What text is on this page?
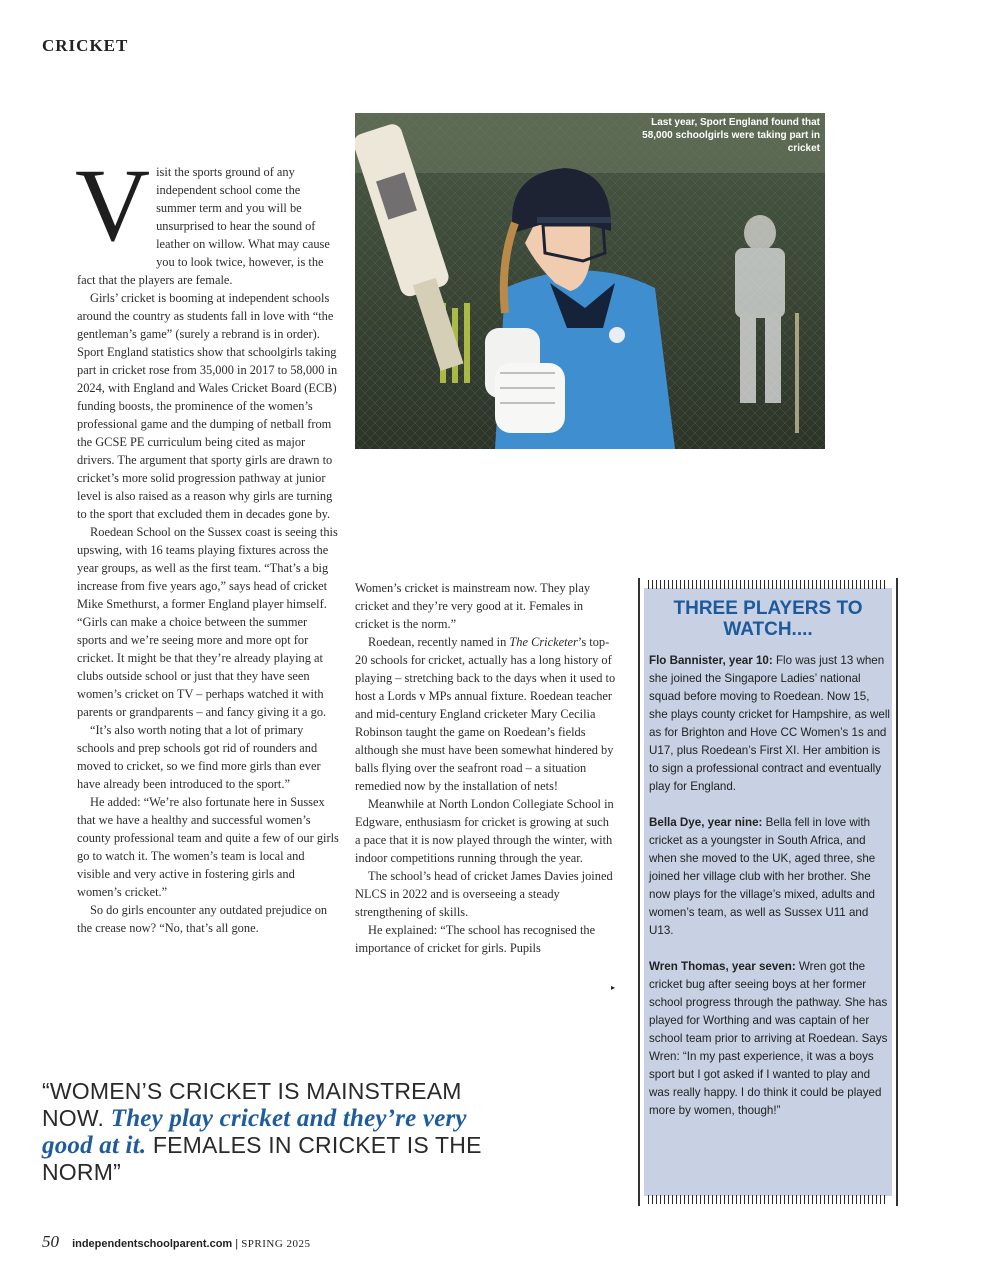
CRICKET
Last year, Sport England found that 58,000 schoolgirls were taking part in cricket

Visit the sports ground of any independent school come the summer term and you will be unsurprised to hear the sound of leather on willow. What may cause you to look twice, however, is the fact that the players are female.

Girls’ cricket is booming at independent schools around the country as students fall in love with “the gentleman’s game” (surely a rebrand is in order). Sport England statistics show that schoolgirls taking part in cricket rose from 35,000 in 2017 to 58,000 in 2024, with England and Wales Cricket Board (ECB) funding boosts, the prominence of the women’s professional game and the dumping of netball from the GCSE PE curriculum being cited as major drivers. The argument that sporty girls are drawn to cricket’s more solid progression pathway at junior level is also raised as a reason why girls are turning to the sport that excluded them in decades gone by.

Roedean School on the Sussex coast is seeing this upswing, with 16 teams playing fixtures across the year groups, as well as the first team. “That’s a big increase from five years ago,” says head of cricket Mike Smethurst, a former England player himself. “Girls can make a choice between the summer sports and we’re seeing more and more opt for cricket. It might be that they’re already playing at clubs outside school or just that they have seen women’s cricket on TV – perhaps watched it with parents or grandparents – and fancy giving it a go.

“It’s also worth noting that a lot of primary schools and prep schools got rid of rounders and moved to cricket, so we find more girls than ever have already been introduced to the sport.”

He added: “We’re also fortunate here in Sussex that we have a healthy and successful women’s county professional team and quite a few of our girls go to watch it. The women’s team is local and visible and very active in fostering girls and women’s cricket.”

So do girls encounter any outdated prejudice on the crease now? “No, that’s all gone.

Women’s cricket is mainstream now. They play cricket and they’re very good at it. Females in cricket is the norm.”

Roedean, recently named in The Cricketer’s top-20 schools for cricket, actually has a long history of playing – stretching back to the days when it used to host a Lords v MPs annual fixture. Roedean teacher and mid-century England cricketer Mary Cecilia Robinson taught the game on Roedean’s fields although she must have been somewhat hindered by balls flying over the seafront road – a situation remedied now by the installation of nets!

Meanwhile at North London Collegiate School in Edgware, enthusiasm for cricket is growing at such a pace that it is now played through the winter, with indoor competitions running through the year.

The school’s head of cricket James Davies joined NLCS in 2022 and is overseeing a steady strengthening of skills.

He explained: “The school has recognised the importance of cricket for girls. Pupils

▸
THREE PLAYERS TO WATCH....

Flo Bannister, year 10: Flo was just 13 when she joined the Singapore Ladies’ national squad before moving to Roedean. Now 15, she plays county cricket for Hampshire, as well as for Brighton and Hove CC Women’s 1s and U17, plus Roedean’s First XI. Her ambition is to sign a professional contract and eventually play for England.

Bella Dye, year nine: Bella fell in love with cricket as a youngster in South Africa, and when she moved to the UK, aged three, she joined her village club with her brother. She now plays for the village’s mixed, adults and women’s team, as well as Sussex U11 and U13.

Wren Thomas, year seven: Wren got the cricket bug after seeing boys at her former school progress through the pathway. She has played for Worthing and was captain of her school team prior to arriving at Roedean. Says Wren: “In my past experience, it was a boys sport but I got asked if I wanted to play and was really happy. I do think it could be played more by women, though!”

“WOMEN’S CRICKET IS MAINSTREAM NOW. They play cricket and they’re very good at it. FEMALES IN CRICKET IS THE NORM”
50 independentschoolparent.com | SPRING 2025
